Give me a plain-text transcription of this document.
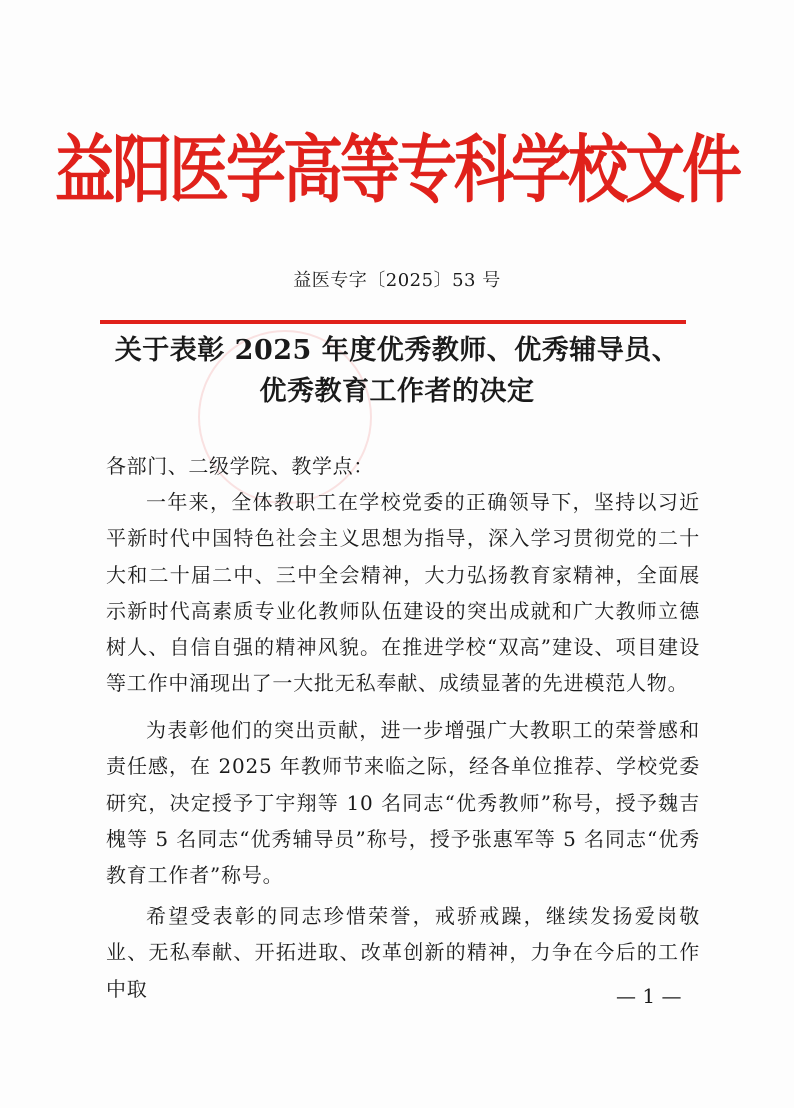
益阳医学高等专科学校文件
益医专字〔2025〕53 号
关于表彰 2025 年度优秀教师、优秀辅导员、
优秀教育工作者的决定
各部门、二级学院、教学点：
一年来，全体教职工在学校党委的正确领导下，坚持以习近平新时代中国特色社会主义思想为指导，深入学习贯彻党的二十大和二十届二中、三中全会精神，大力弘扬教育家精神，全面展示新时代高素质专业化教师队伍建设的突出成就和广大教师立德树人、自信自强的精神风貌。在推进学校“双高”建设、项目建设等工作中涌现出了一大批无私奉献、成绩显著的先进模范人物。
为表彰他们的突出贡献，进一步增强广大教职工的荣誉感和责任感，在 2025 年教师节来临之际，经各单位推荐、学校党委研究，决定授予丁宇翔等 10 名同志“优秀教师”称号，授予魏吉槐等 5 名同志“优秀辅导员”称号，授予张惠军等 5 名同志“优秀教育工作者”称号。
希望受表彰的同志珍惜荣誉，戒骄戒躁，继续发扬爱岗敬业、无私奉献、开拓进取、改革创新的精神，力争在今后的工作中取	— 1 —
